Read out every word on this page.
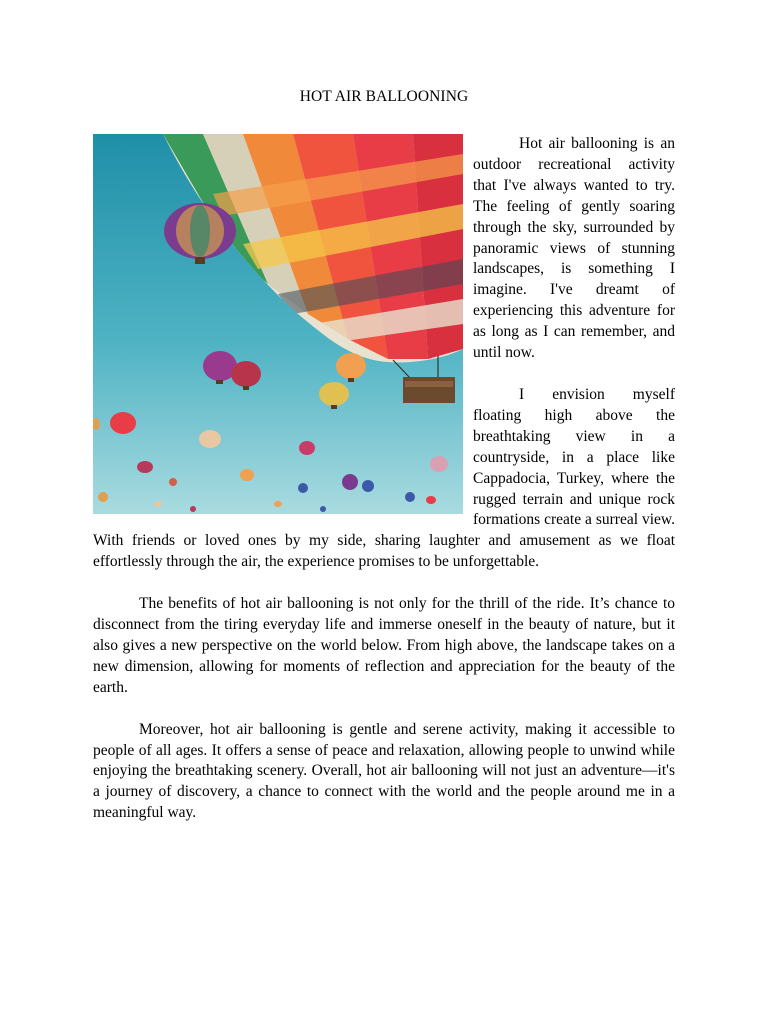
HOT AIR BALLOONING

Hot air ballooning is an outdoor recreational activity that I've always wanted to try. The feeling of gently soaring through the sky, surrounded by panoramic views of stunning landscapes, is something I imagine. I've dreamt of experiencing this adventure for as long as I can remember, and until now.

I envision myself floating high above the breathtaking view in a countryside, in a place like Cappadocia, Turkey, where the rugged terrain and unique rock formations create a surreal view. With friends or loved ones by my side, sharing laughter and amusement as we float effortlessly through the air, the experience promises to be unforgettable.

The benefits of hot air ballooning is not only for the thrill of the ride. It’s chance to disconnect from the tiring everyday life and immerse oneself in the beauty of nature, but it also gives a new perspective on the world below. From high above, the landscape takes on a new dimension, allowing for moments of reflection and appreciation for the beauty of the earth.

Moreover, hot air ballooning is gentle and serene activity, making it accessible to people of all ages. It offers a sense of peace and relaxation, allowing people to unwind while enjoying the breathtaking scenery. Overall, hot air ballooning will not just an adventure—it's a journey of discovery, a chance to connect with the world and the people around me in a meaningful way.
